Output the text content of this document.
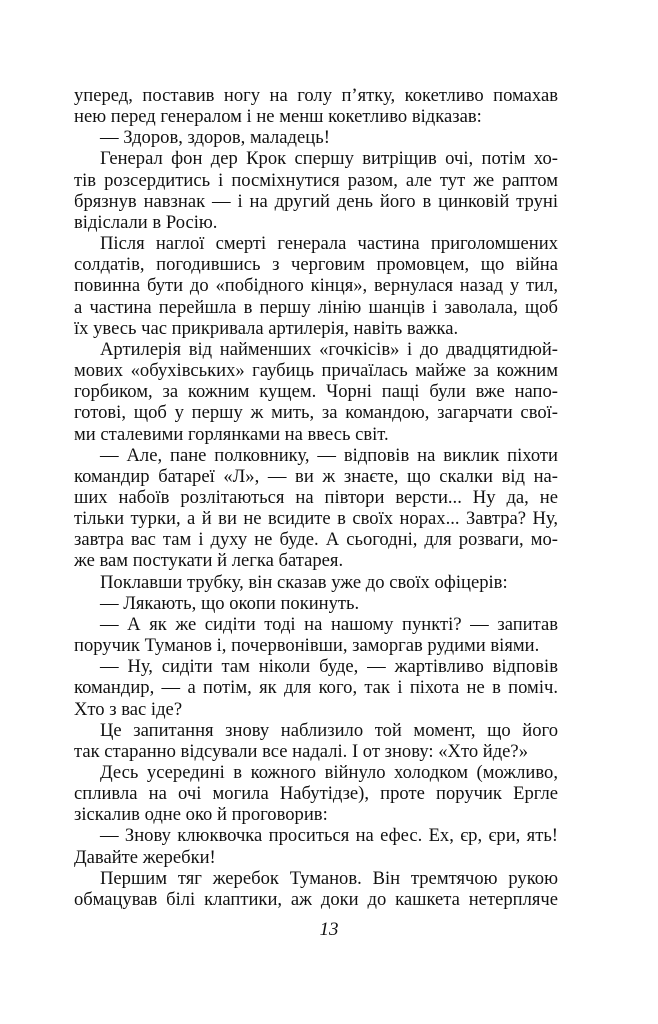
уперед, поставив ногу на голу п’ятку, кокетливо помахав
нею перед генералом і не менш кокетливо відказав:
— Здоров, здоров, маладець!
Генерал фон дер Крок спершу витріщив очі, потім хо-
тів розсердитись і посміхнутися разом, але тут же раптом
брязнув навзнак — і на другий день його в цинковій труні
відіслали в Росію.
Після наглої смерті генерала частина приголомшених
солдатів, погодившись з черговим промовцем, що війна
повинна бути до «побідного кінця», вернулася назад у тил,
а частина перейшла в першу лінію шанців і заволала, щоб
їх увесь час прикривала артилерія, навіть важка.
Артилерія від найменших «гочкісів» і до двадцятидюй-
мових «обухівських» гаубиць причаїлась майже за кожним
горбиком, за кожним кущем. Чорні пащі були вже напо-
готові, щоб у першу ж мить, за командою, загарчати свої-
ми сталевими горлянками на ввесь світ.
— Але, пане полковнику, — відповів на виклик піхоти
командир батареї «Л», — ви ж знаєте, що скалки від на-
ших набоїв розлітаються на півтори версти... Ну да, не
тільки турки, а й ви не всидите в своїх норах... Завтра? Ну,
завтра вас там і духу не буде. А сьогодні, для розваги, мо-
же вам постукати й легка батарея.
Поклавши трубку, він сказав уже до своїх офіцерів:
— Лякають, що окопи покинуть.
— А як же сидіти тоді на нашому пункті? — запитав
поручик Туманов і, почервонівши, заморгав рудими віями.
— Ну, сидіти там ніколи буде, — жартівливо відповів
командир, — а потім, як для кого, так і піхота не в поміч.
Хто з вас іде?
Це запитання знову наблизило той момент, що його
так старанно відсували все надалі. І от знову: «Хто йде?»
Десь усередині в кожного війнуло холодком (можливо,
спливла на очі могила Набутідзе), проте поручик Ергле
зіскалив одне око й проговорив:
— Знову клюквочка проситься на ефес. Ех, єр, єри, ять!
Давайте жеребки!
Першим тяг жеребок Туманов. Він тремтячою рукою
обмацував білі клаптики, аж доки до кашкета нетерпляче
13
